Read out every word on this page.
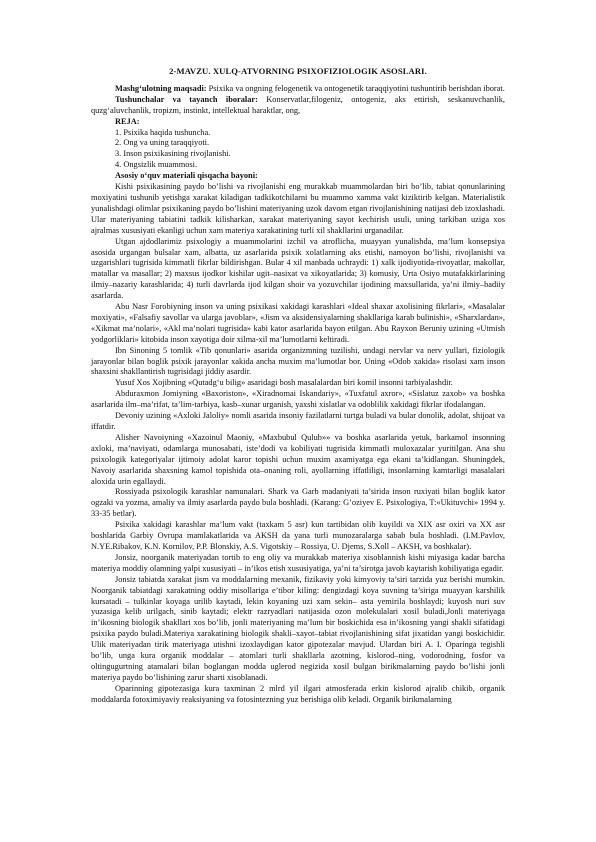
2-MAVZU. XULQ-ATVORNING PSIXOFIZIOLOGIK ASOSLARI.

Mashg‘ulotning maqsadi: Psixika va ongning felogenetik va ontogenetik taraqqiyotini tushuntirib berishdan iborat.

Tushunchalar va tayanch iboralar: Konservatlar,filogeniz, ontogeniz, aks ettirish, seskanuvchanlik, quzg‘aluvchanlik, tropizm, instinkt, intellektual haraktlar, ong,

REJA:

1. Psixika haqida tushuncha.

2. Ong va uning taraqqiyoti.

3. Inson psixikasining rivojlanishi.

4. Ongsizlik muammosi.

Asosiy o‘quv materiali qisqacha bayoni:

Kishi psixikasining paydo bo’lishi va rivojlanishi eng murakkab muammolardan biri bo’lib, tabiat qonunlarining moxiyatini tushunib yetishga xarakat kiladigan tadkikotchilarni bu muammo xamma vakt kiziktirib kelgan. Materialistik yunalishdagi olimlar psixikaning paydo bo’lishini materiyaning uzok davom etgan rivojlanishining natijasi deb izoxlashadi. Ular materiyaning tabiatini tadkik kilisharkan, xarakat materiyaning sayot kechirish usuli, uning tarkiban uziga xos ajralmas xususiyati ekanligi uchun xam materiya xarakatining turli xil shakllarini urganadilar.

Utgan ajdodlarimiz psixologiy a muammolarini izchil va atroflicha, muayyan yunalishda, ma’lum konsepsiya asosida urgangan bulsalar xam, albatta, uz asarlarida psixik xolatlarning aks etishi, namoyon bo’lishi, rivojlanishi va uzgarishlari tugrisida kimmatli fikrlar bildirishgan. Bular 4 xil manbada uchraydi: 1) xalk ijodiyotida-rivoyatlar, makollar, matallar va masallar; 2) maxsus ijodkor kishilar ugit–nasixat va xikoyatlarida; 3) komusiy, Urta Osiyo mutafakkirlarining ilmiy–nazariy karashlarida; 4) turli davrlarda ijod kilgan shoir va yozuvchilar ijodining maxsullarida, ya’ni ilmiy–badiiy asarlarda.

Abu Nasr Forobiyning inson va uning psixikasi xakidagi karashlari «Ideal shaxar axolisining fikrlari», «Masalalar moxiyati», «Falsafiy savollar va ularga javoblar», «Jism va aksidensiyalarning shakllariga karab bulinishi», «Sharxlardan», «Xikmat ma’nolari», «Akl ma’nolari tugrisida» kabi kator asarlarida bayon etilgan. Abu Rayxon Beruniy uzining «Utmish yodgorliklari» kitobida inson xayotiga doir xilma-xil ma’lumotlarni keltiradi.

Ibn Sinoning 5 tomlik «Tib qonunlari» asarida organizmning tuzilishi, undagi nervlar va nerv yullari, fiziologik jarayonlar bilan boglik psixik jarayonlar xakida ancha muxim ma’lumotlar bor. Uning «Odob xakida» risolasi xam inson shaxsini shakllantirish tugrisidagi jiddiy asardir.

Yusuf Xos Xojibning «Qutadg‘u bilig» asaridagi bosh masalalardan biri komil insonni tarbiyalashdir.

Abduraxmon Jomiyning «Baxoriston», «Xiradnomai Iskandariy», «Tuxfatul axror», «Sislatuz zaxob» va boshka asarlarida ilm–ma’rifat, ta’lim-tarbiya, kasb–xunar urganish, yaxshi xislatlar va odoblilik xakidagi fikrlar ifodalangan.

Devoniy uzining «Axloki Jaloliy» nomli asarida insoniy fazilatlarni turtga buladi va bular donolik, adolat, shijoat va iffatdir.

Alisher Navoiyning «Xazoinul Maoniy, «Maxbubul Qulub»» va boshka asarlarida yetuk, barkamol insonning axloki, ma’naviyati, odamlarga munosabati, iste’dodi va kobiliyati tugrisida kimmatli muloxazalar yuritilgan. Ana shu psixologik kategoriyalar ijtimoiy adolat karor topishi uchun muxim axamiyatga ega ekani ta’kidlangan. Shuningdek, Navoiy asarlarida shaxsning kamol topishida ota–onaning roli, ayollarning iffatliligi, insonlarning kamtarligi masalalari aloxida urin egallaydi.

Rossiyada psixologik karashlar namunalari. Shark va Garb madaniyati ta’sirida inson ruxiyati bilan boglik kator ogzaki va yozma, amaliy va ilmiy asarlarda paydo bula boshladi. (Karang: G’oziyev E. Psixologiya, T:«Ukituvchi» 1994 y. 33-35 betlar).

Psixika xakidagi karashlar ma’lum vakt (taxkam 5 asr) kun tartibidan olib kuyildi va XIX asr oxiri va XX asr boshlarida Garbiy Ovrupa mamlakatlarida va AKSH da yana turli munozaralarga sabab bula boshladi. (I.M.Pavlov, N.YE.Ribakov, K.N. Kornilov, P.P. Blonskiy, A.S. Vigotskiy – Rossiya, U. Djems, S.Xoll – AKSH, va boshkalar).

Jonsiz, noorganik materiyadan tortib to eng oliy va murakkab materiya xisoblannish kishi miyasiga kadar barcha materiya moddiy olamning yalpi xususiyati – in’ikos etish xususiyatiga, ya’ni ta’sirotga javob kaytarish kobiliyatiga egadir.

Jonsiz tabiatda xarakat jism va moddalarning mexanik, fizikaviy yoki kimyoviy ta’siri tarzida yuz berishi mumkin. Noorganik tabiatdagi xarakatning oddiy misollariga e’tibor kiling: dengizdagi koya suvning ta’siriga muayyan karshilik kursatadi – tulkinlar koyaga urilib kaytadi, lekin koyaning uzi xam sekin– asta yemirila boshlaydi; kuyosh nuri suv yuzasiga kelib urilgach, sinib kaytadi; elektr razryadlari natijasida ozon molekulalari xosil buladi,Jonli materiyaga in’ikosning biologik shakllari xos bo’lib, jonli materiyaning ma’lum bir boskichida esa in’ikosning yangi shakli sifatidagi psixika paydo buladi.Materiya xarakatining biologik shakli–xayot–tabiat rivojlanishining sifat jixatidan yangi boskichidir. Ulik materiyadan tirik materiyaga utishni izoxlaydigan kator gipotezalar mavjud. Ulardan biri A. I. Oparinga tegishli bo’lib, unga kura organik moddalar – atomlari turli shakllarla azotning, kislorod–ning, vodorodning, fosfor va oltingugurtning atamalari bilan boglangan modda uglerod negizida xosil bulgan birikmalarning paydo bo’lishi jonli materiya paydo bo’lishining zarur sharti xisoblanadi.

Oparinning gipotezasiga kura taxminan 2 mlrd yil ilgari atmosferada erkin kislorod ajralib chikib, organik moddalarda fotoximiyaviy reaksiyaning va fotosintezning yuz berishiga olib keladi. Organik birikmalarning
